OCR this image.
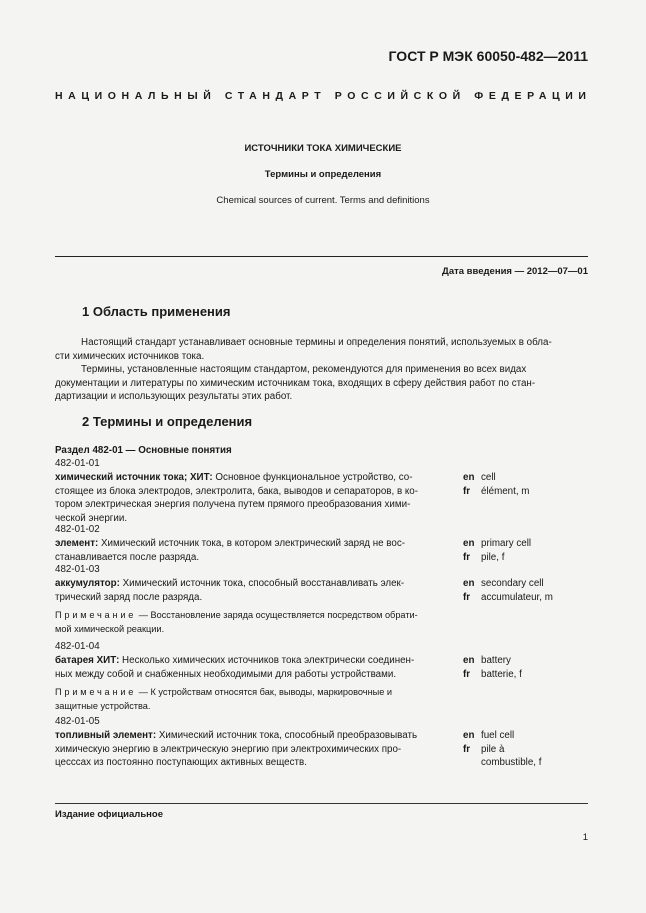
ГОСТ Р МЭК 60050-482—2011
НАЦИОНАЛЬНЫЙ СТАНДАРТ РОССИЙСКОЙ ФЕДЕРАЦИИ
ИСТОЧНИКИ ТОКА ХИМИЧЕСКИЕ
Термины и определения
Chemical sources of current. Terms and definitions
Дата введения — 2012—07—01
1 Область применения
Настоящий стандарт устанавливает основные термины и определения понятий, используемых в обла-
сти химических источников тока.
Термины, установленные настоящим стандартом, рекомендуются для применения во всех видах
документации и литературы по химическим источникам тока, входящих в сферу действия работ по стан-
дартизации и использующих результаты этих работ.
2 Термины и определения
Раздел 482-01 — Основные понятия
482-01-01
химический источник тока; ХИТ: Основное функциональное устройство, со-
стоящее из блока электродов, электролита, бака, выводов и сепараторов, в ко-
тором электрическая энергия получена путем прямого преобразования хими-
ческой энергии.
en cell
fr élément, m
482-01-02
элемент: Химический источник тока, в котором электрический заряд не вос-
станавливается после разряда.
en primary cell
fr pile, f
482-01-03
аккумулятор: Химический источник тока, способный восстанавливать элек-
трический заряд после разряда.
en secondary cell
fr accumulateur, m
Примечание — Восстановление заряда осуществляется посредством обрати-
мой химической реакции.
482-01-04
батарея ХИТ: Несколько химических источников тока электрически соединен-
ных между собой и снабженных необходимыми для работы устройствами.
en battery
fr batterie, f
Примечание — К устройствам относятся бак, выводы, маркировочные и
защитные устройства.
482-01-05
топливный элемент: Химический источник тока, способный преобразовывать
химическую энергию в электрическую энергию при электрохимических про-
цесссах из постоянно поступающих активных веществ.
en fuel cell
fr pile à
combustible, f
Издание официальное
1
